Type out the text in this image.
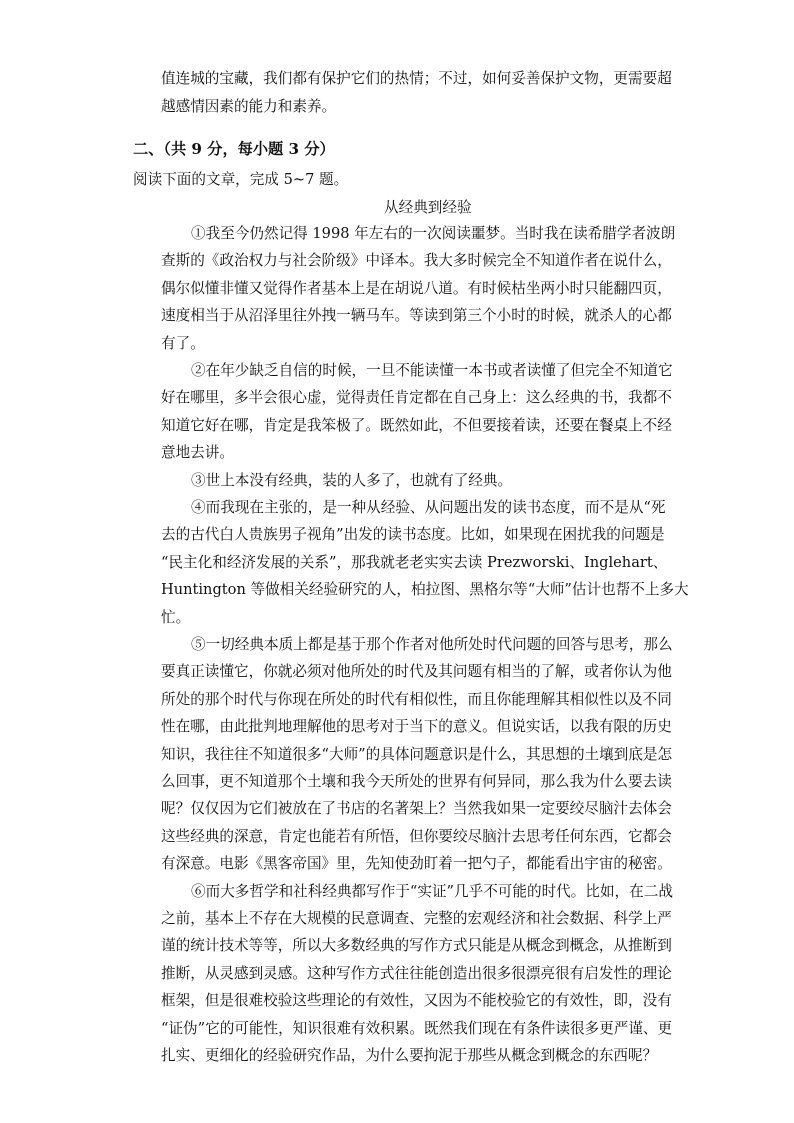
值连城的宝藏，我们都有保护它们的热情；不过，如何妥善保护文物，更需要超
越感情因素的能力和素养。
二、（共 9 分，每小题 3 分）
阅读下面的文章，完成 5~7 题。
从经典到经验
①我至今仍然记得 1998 年左右的一次阅读噩梦。当时我在读希腊学者波朗
查斯的《政治权力与社会阶级》中译本。我大多时候完全不知道作者在说什么，
偶尔似懂非懂又觉得作者基本上是在胡说八道。有时候枯坐两小时只能翻四页，
速度相当于从沼泽里往外拽一辆马车。等读到第三个小时的时候，就杀人的心都
有了。
②在年少缺乏自信的时候，一旦不能读懂一本书或者读懂了但完全不知道它
好在哪里，多半会很心虚，觉得责任肯定都在自己身上：这么经典的书，我都不
知道它好在哪，肯定是我笨极了。既然如此，不但要接着读，还要在餐桌上不经
意地去讲。
③世上本没有经典，装的人多了，也就有了经典。
④而我现在主张的，是一种从经验、从问题出发的读书态度，而不是从“死
去的古代白人贵族男子视角”出发的读书态度。比如，如果现在困扰我的问题是
“民主化和经济发展的关系”，那我就老老实实去读 Prezworski、Inglehart、
Huntington 等做相关经验研究的人，柏拉图、黑格尔等“大师”估计也帮不上多大
忙。
⑤一切经典本质上都是基于那个作者对他所处时代问题的回答与思考，那么
要真正读懂它，你就必须对他所处的时代及其问题有相当的了解，或者你认为他
所处的那个时代与你现在所处的时代有相似性，而且你能理解其相似性以及不同
性在哪，由此批判地理解他的思考对于当下的意义。但说实话，以我有限的历史
知识，我往往不知道很多“大师”的具体问题意识是什么，其思想的土壤到底是怎
么回事，更不知道那个土壤和我今天所处的世界有何异同，那么我为什么要去读
呢？仅仅因为它们被放在了书店的名著架上？当然我如果一定要绞尽脑汁去体会
这些经典的深意，肯定也能若有所悟，但你要绞尽脑汁去思考任何东西，它都会
有深意。电影《黑客帝国》里，先知使劲盯着一把勺子，都能看出宇宙的秘密。
⑥而大多哲学和社科经典都写作于“实证”几乎不可能的时代。比如，在二战
之前，基本上不存在大规模的民意调查、完整的宏观经济和社会数据、科学上严
谨的统计技术等等，所以大多数经典的写作方式只能是从概念到概念，从推断到
推断，从灵感到灵感。这种写作方式往往能创造出很多很漂亮很有启发性的理论
框架，但是很难校验这些理论的有效性，又因为不能校验它的有效性，即，没有
“证伪”它的可能性，知识很难有效积累。既然我们现在有条件读很多更严谨、更
扎实、更细化的经验研究作品，为什么要拘泥于那些从概念到概念的东西呢？
